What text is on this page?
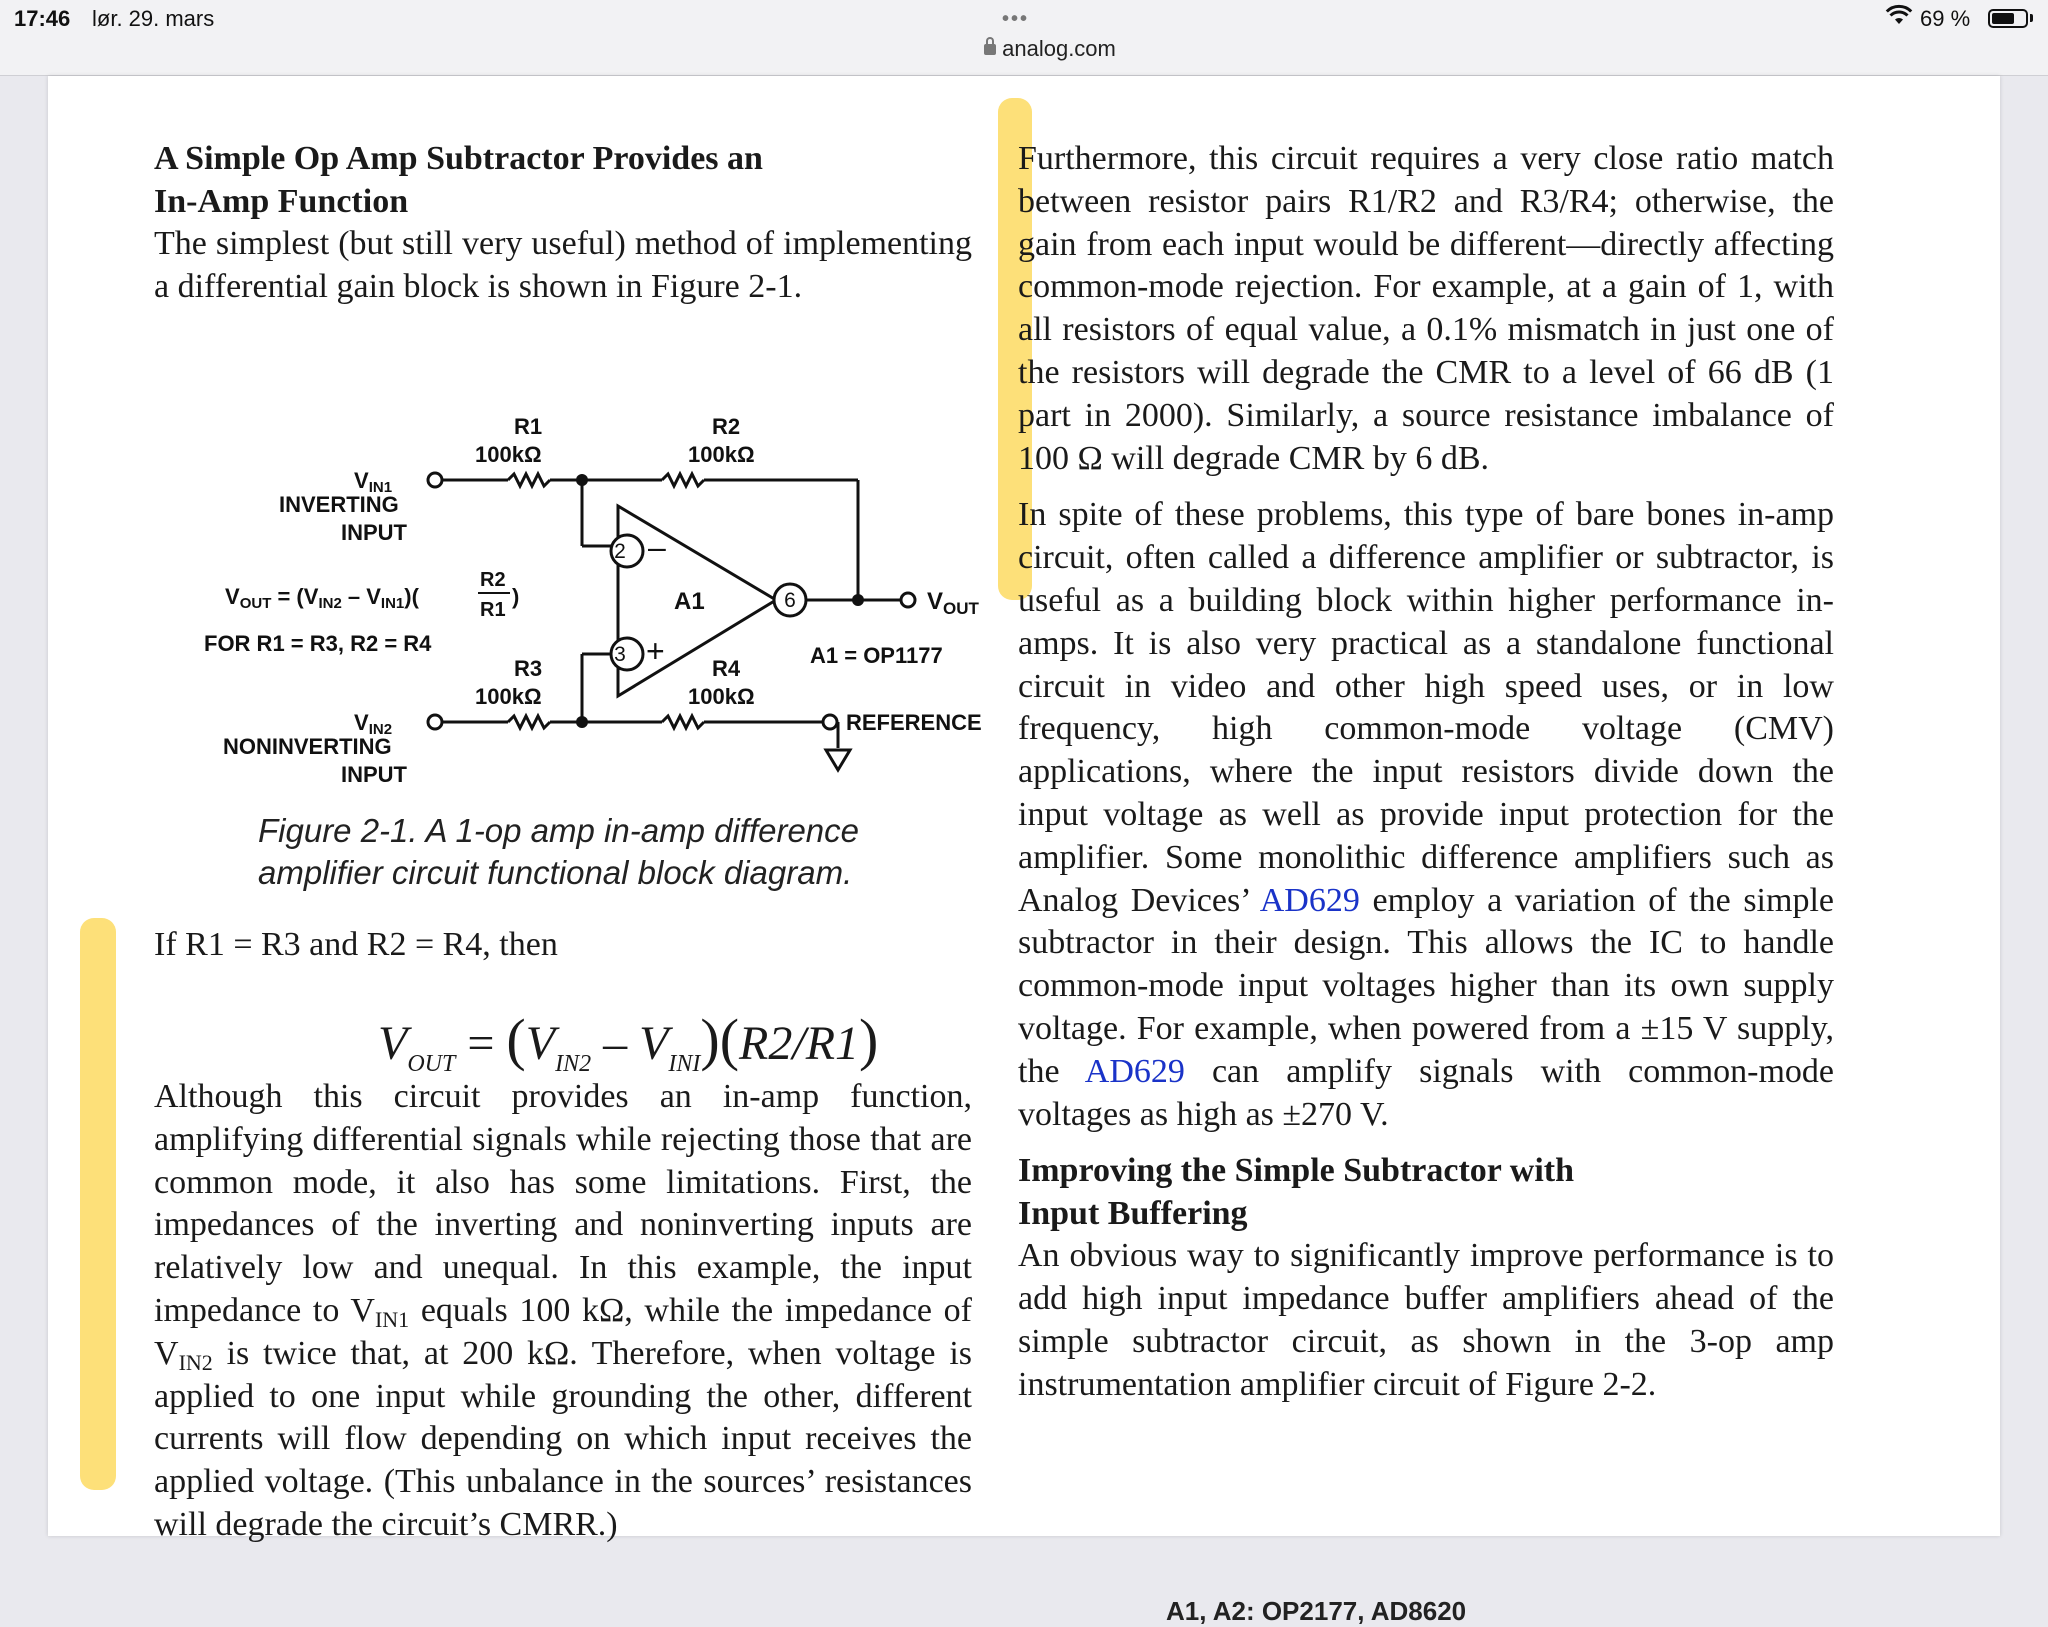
17:46 lør. 29. mars	•••
analog.com
69 %
A Simple Op Amp Subtractor Provides an
In-Amp Function

The simplest (but still very useful) method of implementing a differential gain block is shown in Figure 2-1.

R1
100kΩ
R2
100kΩ
R3
100kΩ
R4
100kΩ
VIN1
INVERTING
INPUT
VIN2
NONINVERTING
INPUT
VOUT = (VIN2 – VIN1)(
R2
R1
)
FOR R1 = R3, R2 = R4
2
3
6
–
+
A1	$V_{OUT}$
A1 = OP1177
REFERENCE
Figure 2-1. A 1-op amp in-amp difference
amplifier circuit functional block diagram.

If R1 = R3 and R2 = R4, then

$V_{OUT} = (V_{IN2} - V_{INI})(R2/R1)$

Although this circuit provides an in-amp function, amplifying differential signals while rejecting those that are common mode, it also has some limitations. First, the impedances of the inverting and noninverting inputs are relatively low and unequal. In this example, the input impedance to $V_{IN1}$ equals 100 kΩ, while the impedance of $V_{IN2}$ is twice that, at 200 kΩ. Therefore, when voltage is applied to one input while grounding the other, different currents will flow depending on which input receives the applied voltage. (This unbalance in the sources’ resistances will degrade the circuit’s CMRR.)

Furthermore, this circuit requires a very close ratio match between resistor pairs R1/R2 and R3/R4; otherwise, the gain from each input would be different—directly affecting common-mode rejection. For example, at a gain of 1, with all resistors of equal value, a 0.1% mismatch in just one of the resistors will degrade the CMR to a level of 66 dB (1 part in 2000). Similarly, a source resistance imbalance of 100 Ω will degrade CMR by 6 dB.

In spite of these problems, this type of bare bones in-amp circuit, often called a difference amplifier or subtractor, is useful as a building block within higher performance in-amps. It is also very practical as a standalone functional circuit in video and other high speed uses, or in low frequency, high common-mode voltage (CMV) applications, where the input resistors divide down the input voltage as well as provide input protection for the amplifier. Some monolithic difference amplifiers such as Analog Devices’ AD629 employ a variation of the simple subtractor in their design. This allows the IC to handle common-mode input voltages higher than its own supply voltage. For example, when powered from a ±15 V supply, the AD629 can amplify signals with common-mode voltages as high as ±270 V.

Improving the Simple Subtractor with
Input Buffering

An obvious way to significantly improve performance is to add high input impedance buffer amplifiers ahead of the simple subtractor circuit, as shown in the 3-op amp instrumentation amplifier circuit of Figure 2-2.

A1, A2: OP2177, AD8620
